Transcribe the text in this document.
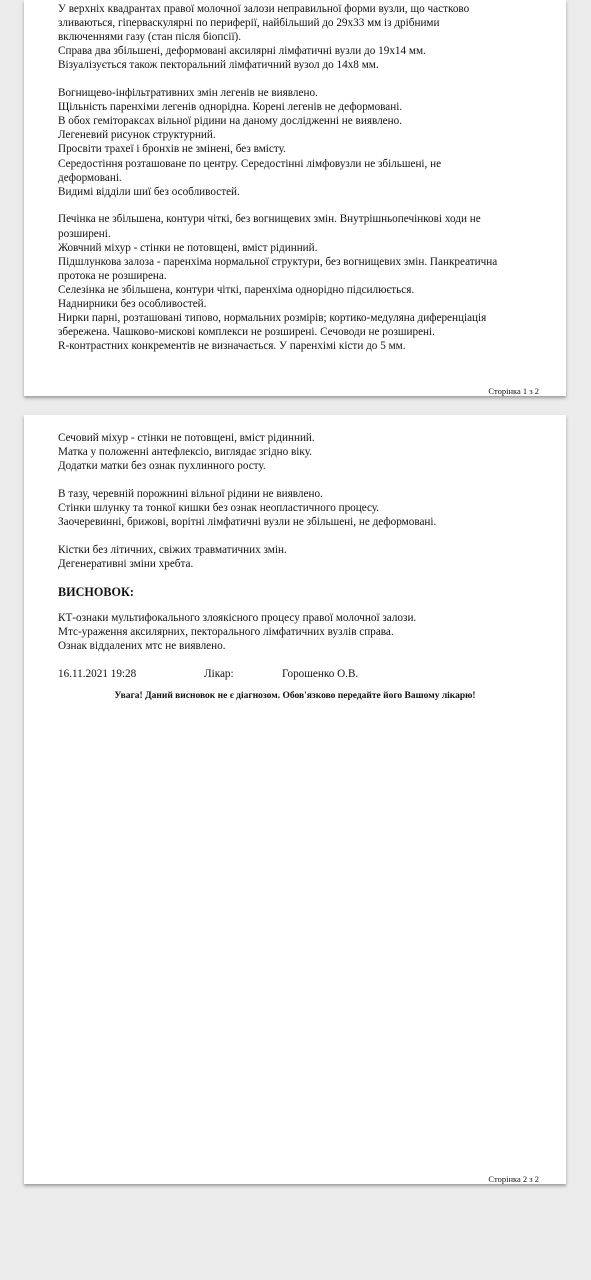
У верхніх квадрантах правої молочної залози неправильної форми вузли, що частково
зливаються, гіперваскулярні по периферії, найбільший до 29х33 мм із дрібними
включеннями газу (стан після біопсії).
Справа два збільшені, деформовані аксилярні лімфатичні вузли до 19х14 мм.
Візуалізується також пекторальний лімфатичний вузол до 14х8 мм.
Вогнищево-інфільтративних змін легенів не виявлено.
Щільність паренхіми легенів однорідна. Корені легенів не деформовані.
В обох геміторакcах вільної рідини на даному дослідженні не виявлено.
Легеневий рисунок структурний.
Просвіти трахеї і бронхів не змінені, без вмісту.
Середостіння розташоване по центру. Середостінні лімфовузли не збільшені, не
деформовані.
Видимі відділи шиї без особливостей.
Печінка не збільшена, контури чіткі, без вогнищевих змін. Внутрішньопечінкові ходи не
розширені.
Жовчний міхур - стінки не потовщені, вміст рідинний.
Підшлункова залоза - паренхіма нормальної структури, без вогнищевих змін. Панкреатична
протока не розширена.
Селезінка не збільшена, контури чіткі, паренхіма однорідно підсилюється.
Наднирники без особливостей.
Нирки парні, розташовані типово, нормальних розмірів; кортико-медуляна диференціація
збережена. Чашково-мискові комплекси не розширені. Сечоводи не розширені.
R-контрастних конкрементів не визначається. У паренхімі кісти до 5 мм.
Сторінка 1 з 2
Сечовий міхур - стінки не потовщені, вміст рідинний.
Матка у положенні антефлексіо, виглядає згідно віку.
Додатки матки без ознак пухлинного росту.
В тазу, черевній порожнині вільної рідини не виявлено.
Стінки шлунку та тонкої кишки без ознак неопластичного процесу.
Заочеревинні, брижові, ворітні лімфатичні вузли не збільшені, не деформовані.
Кістки без літичних, свіжих травматичних змін.
Дегенеративні зміни хребта.
ВИСНОВОК:
КТ-ознаки мультифокального злоякісного процесу правої молочної залози.
Мтс-ураження аксилярних, пекторального лімфатичних вузлів справа.
Ознак віддалених мтс не виявлено.
16.11.2021 19:28	Лікар:	Горошенко О.В.
Увага! Даний висновок не є діагнозом. Обов'язково передайте його Вашому лікарю!
Сторінка 2 з 2
